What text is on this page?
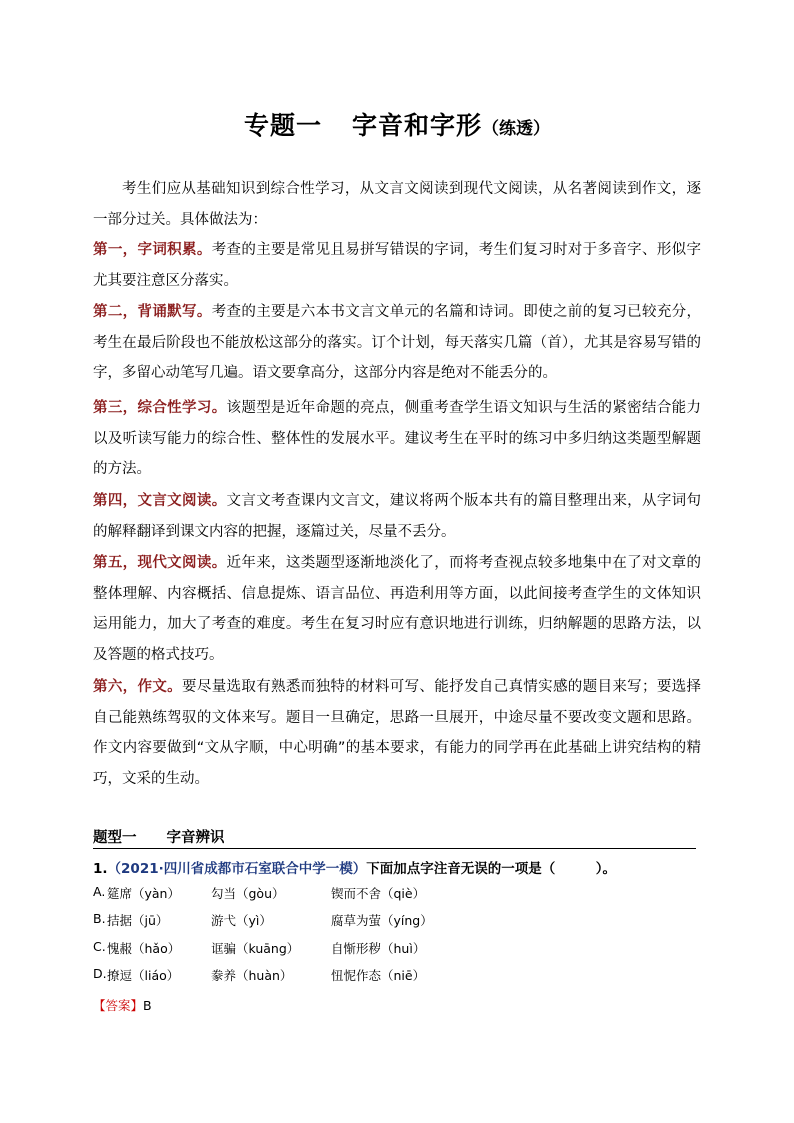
专题一 字音和字形（练透）

考生们应从基础知识到综合性学习，从文言文阅读到现代文阅读，从名著阅读到作文，逐一部分过关。具体做法为：

第一，字词积累。考查的主要是常见且易拼写错误的字词，考生们复习时对于多音字、形似字尤其要注意区分落实。

第二，背诵默写。考查的主要是六本书文言文单元的名篇和诗词。即使之前的复习已较充分，考生在最后阶段也不能放松这部分的落实。订个计划，每天落实几篇（首），尤其是容易写错的字，多留心动笔写几遍。语文要拿高分，这部分内容是绝对不能丢分的。

第三，综合性学习。该题型是近年命题的亮点，侧重考查学生语文知识与生活的紧密结合能力以及听读写能力的综合性、整体性的发展水平。建议考生在平时的练习中多归纳这类题型解题的方法。

第四，文言文阅读。文言文考查课内文言文，建议将两个版本共有的篇目整理出来，从字词句的解释翻译到课文内容的把握，逐篇过关，尽量不丢分。

第五，现代文阅读。近年来，这类题型逐渐地淡化了，而将考查视点较多地集中在了对文章的整体理解、内容概括、信息提炼、语言品位、再造利用等方面，以此间接考查学生的文体知识运用能力，加大了考查的难度。考生在复习时应有意识地进行训练，归纳解题的思路方法，以及答题的格式技巧。

第六，作文。要尽量选取有熟悉而独特的材料可写、能抒发自己真情实感的题目来写；要选择自己能熟练驾驭的文体来写。题目一旦确定，思路一旦展开，中途尽量不要改变文题和思路。作文内容要做到“文从字顺，中心明确”的基本要求，有能力的同学再在此基础上讲究结构的精巧，文采的生动。

题型一 字音辨识
1.（2021·四川省成都市石室联合中学一模）下面加点字注音无误的一项是（　　　）。
A. 筵席（yàn） 勾当（gòu）	锲而不舍（qiè）
B. 拮据（jū）	游弋（yì）	腐草为萤（yíng）
C. 愧赧（hǎo） 诓骗（kuāng）	自惭形秽（huì）
D. 撩逗（liáo）	豢养（huàn）	忸怩作态（niē）
【答案】B
